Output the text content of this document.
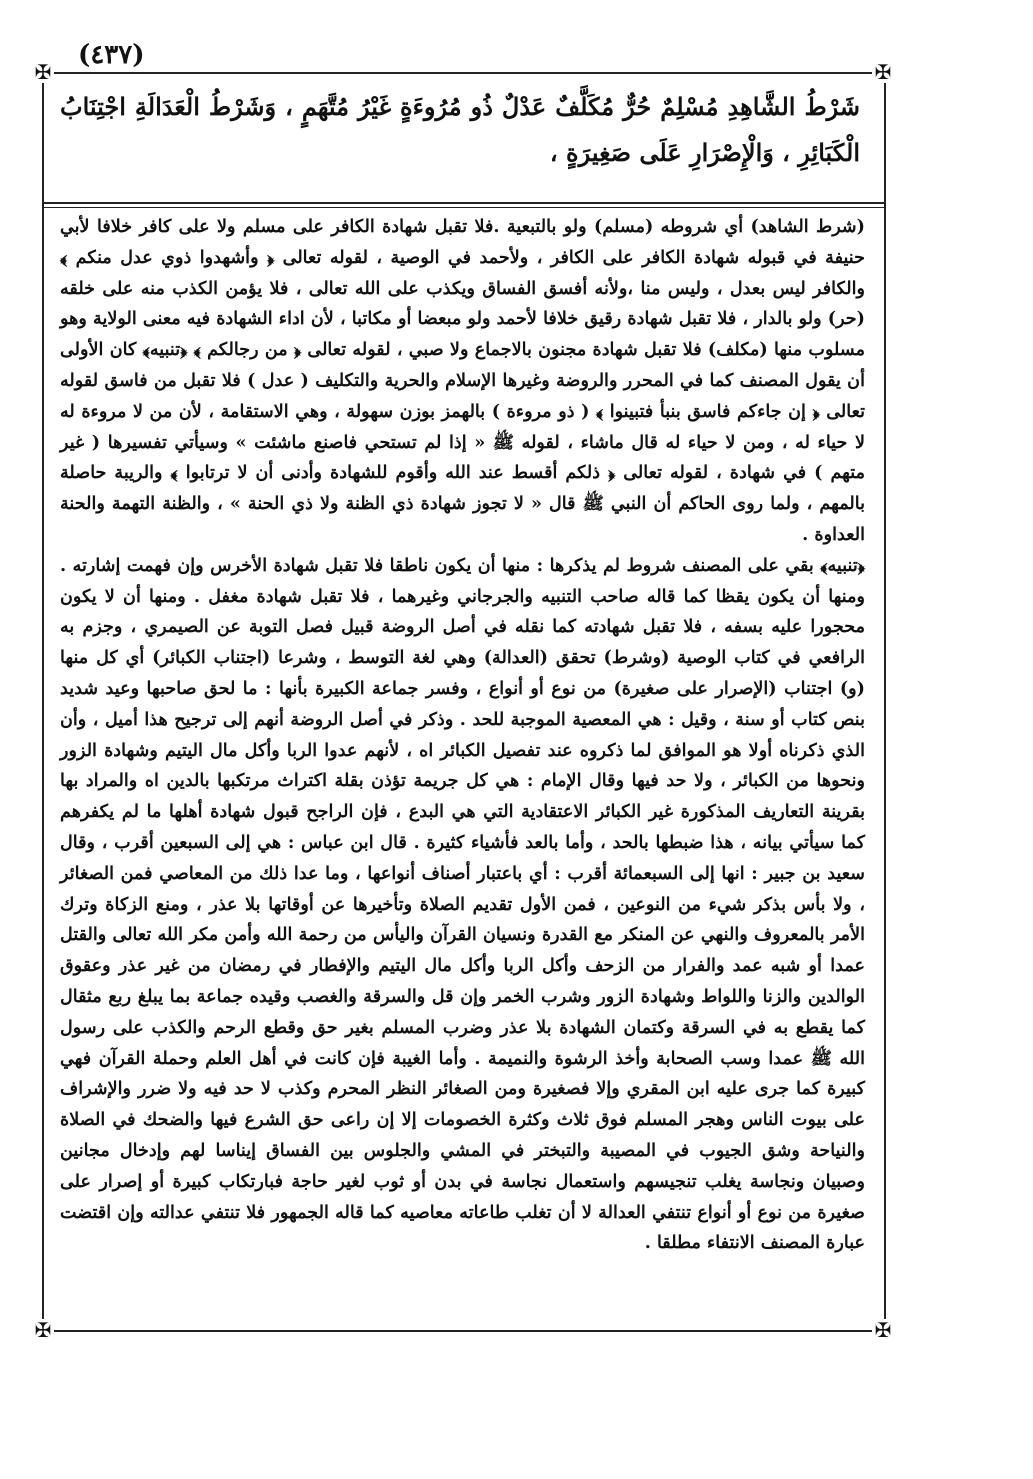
(٤٣٧)
✠	✠
✠	✠
شَرْطُ الشَّاهِدِ مُسْلِمٌ حُرٌّ مُكَلَّفٌ عَدْلٌ ذُو مُرُوءَةٍ غَيْرُ مُتَّهَمٍ ، وَشَرْطُ الْعَدَالَةِ اجْتِنَابُ الْكَبَائِرِ ، وَالْإِصْرَارِ عَلَى صَغِيرَةٍ ،

(شرط الشاهد) أي شروطه (مسلم) ولو بالتبعية .فلا تقبل شهادة الكافر على مسلم ولا على كافر خلافا لأبي حنيفة في قبوله شهادة الكافر على الكافر ، ولأحمد في الوصية ، لقوله تعالى ﴿ وأشهدوا ذوي عدل منكم ﴾ والكافر ليس بعدل ، وليس منا ،ولأنه أفسق الفساق ويكذب على الله تعالى ، فلا يؤمن الكذب منه على خلقه (حر) ولو بالدار ، فلا تقبل شهادة رقيق خلافا لأحمد ولو مبعضا أو مكاتبا ، لأن اداء الشهادة فيه معنى الولاية وهو مسلوب منها (مكلف) فلا تقبل شهادة مجنون بالاجماع ولا صبي ، لقوله تعالى ﴿ من رجالكم ﴾ ﴿تنبيه﴾ كان الأولى أن يقول المصنف كما في المحرر والروضة وغيرها الإسلام والحرية والتكليف ( عدل ) فلا تقبل من فاسق لقوله تعالى ﴿ إن جاءكم فاسق بنبأ فتبينوا ﴾ ( ذو مروءة ) بالهمز بوزن سهولة ، وهي الاستقامة ، لأن من لا مروءة له لا حياء له ، ومن لا حياء له قال ماشاء ، لقوله ﷺ « إذا لم تستحي فاصنع ماشئت » وسيأتي تفسيرها ( غير متهم ) في شهادة ، لقوله تعالى ﴿ ذلكم أقسط عند الله وأقوم للشهادة وأدنى أن لا ترتابوا ﴾ والريبة حاصلة بالمهم ، ولما روى الحاكم أن النبي ﷺ قال « لا تجوز شهادة ذي الظنة ولا ذي الحنة » ، والظنة التهمة والحنة العداوة .

﴿تنبيه﴾ بقي على المصنف شروط لم يذكرها : منها أن يكون ناطقا فلا تقبل شهادة الأخرس وإن فهمت إشارته . ومنها أن يكون يقظا كما قاله صاحب التنبيه والجرجاني وغيرهما ، فلا تقبل شهادة مغفل . ومنها أن لا يكون محجورا عليه بسفه ، فلا تقبل شهادته كما نقله في أصل الروضة قبيل فصل التوبة عن الصيمري ، وجزم به الرافعي في كتاب الوصية (وشرط) تحقق (العدالة) وهي لغة التوسط ، وشرعا (اجتناب الكبائر) أي كل منها (و) اجتناب (الإصرار على صغيرة) من نوع أو أنواع ، وفسر جماعة الكبيرة بأنها : ما لحق صاحبها وعيد شديد بنص كتاب أو سنة ، وقيل : هي المعصية الموجبة للحد . وذكر في أصل الروضة أنهم إلى ترجيح هذا أميل ، وأن الذي ذكرناه أولا هو الموافق لما ذكروه عند تفصيل الكبائر اه ، لأنهم عدوا الربا وأكل مال اليتيم وشهادة الزور ونحوها من الكبائر ، ولا حد فيها وقال الإمام : هي كل جريمة تؤذن بقلة اكتراث مرتكبها بالدين اه والمراد بها بقرينة التعاريف المذكورة غير الكبائر الاعتقادية التي هي البدع ، فإن الراجح قبول شهادة أهلها ما لم يكفرهم كما سيأتي بيانه ، هذا ضبطها بالحد ، وأما بالعد فأشياء كثيرة . قال ابن عباس : هي إلى السبعين أقرب ، وقال سعيد بن جبير : انها إلى السبعمائة أقرب : أي باعتبار أصناف أنواعها ، وما عدا ذلك من المعاصي فمن الصغائر ، ولا بأس بذكر شيء من النوعين ، فمن الأول تقديم الصلاة وتأخيرها عن أوقاتها بلا عذر ، ومنع الزكاة وترك الأمر بالمعروف والنهي عن المنكر مع القدرة ونسيان القرآن واليأس من رحمة الله وأمن مكر الله تعالى والقتل عمدا أو شبه عمد والفرار من الزحف وأكل الربا وأكل مال اليتيم والإفطار في رمضان من غير عذر وعقوق الوالدين والزنا واللواط وشهادة الزور وشرب الخمر وإن قل والسرقة والغصب وقيده جماعة بما يبلغ ربع مثقال كما يقطع به في السرقة وكتمان الشهادة بلا عذر وضرب المسلم بغير حق وقطع الرحم والكذب على رسول الله ﷺ عمدا وسب الصحابة وأخذ الرشوة والنميمة . وأما الغيبة فإن كانت في أهل العلم وحملة القرآن فهي كبيرة كما جرى عليه ابن المقري وإلا فصغيرة ومن الصغائر النظر المحرم وكذب لا حد فيه ولا ضرر والإشراف على بيوت الناس وهجر المسلم فوق ثلاث وكثرة الخصومات إلا إن راعى حق الشرع فيها والضحك في الصلاة والنياحة وشق الجيوب في المصيبة والتبختر في المشي والجلوس بين الفساق إيناسا لهم وإدخال مجانين وصبيان ونجاسة يغلب تنجيسهم واستعمال نجاسة في بدن أو ثوب لغير حاجة فبارتكاب كبيرة أو إصرار على صغيرة من نوع أو أنواع تنتفي العدالة لا أن تغلب طاعاته معاصيه كما قاله الجمهور فلا تنتفي عدالته وإن اقتضت عبارة المصنف الانتفاء مطلقا .
